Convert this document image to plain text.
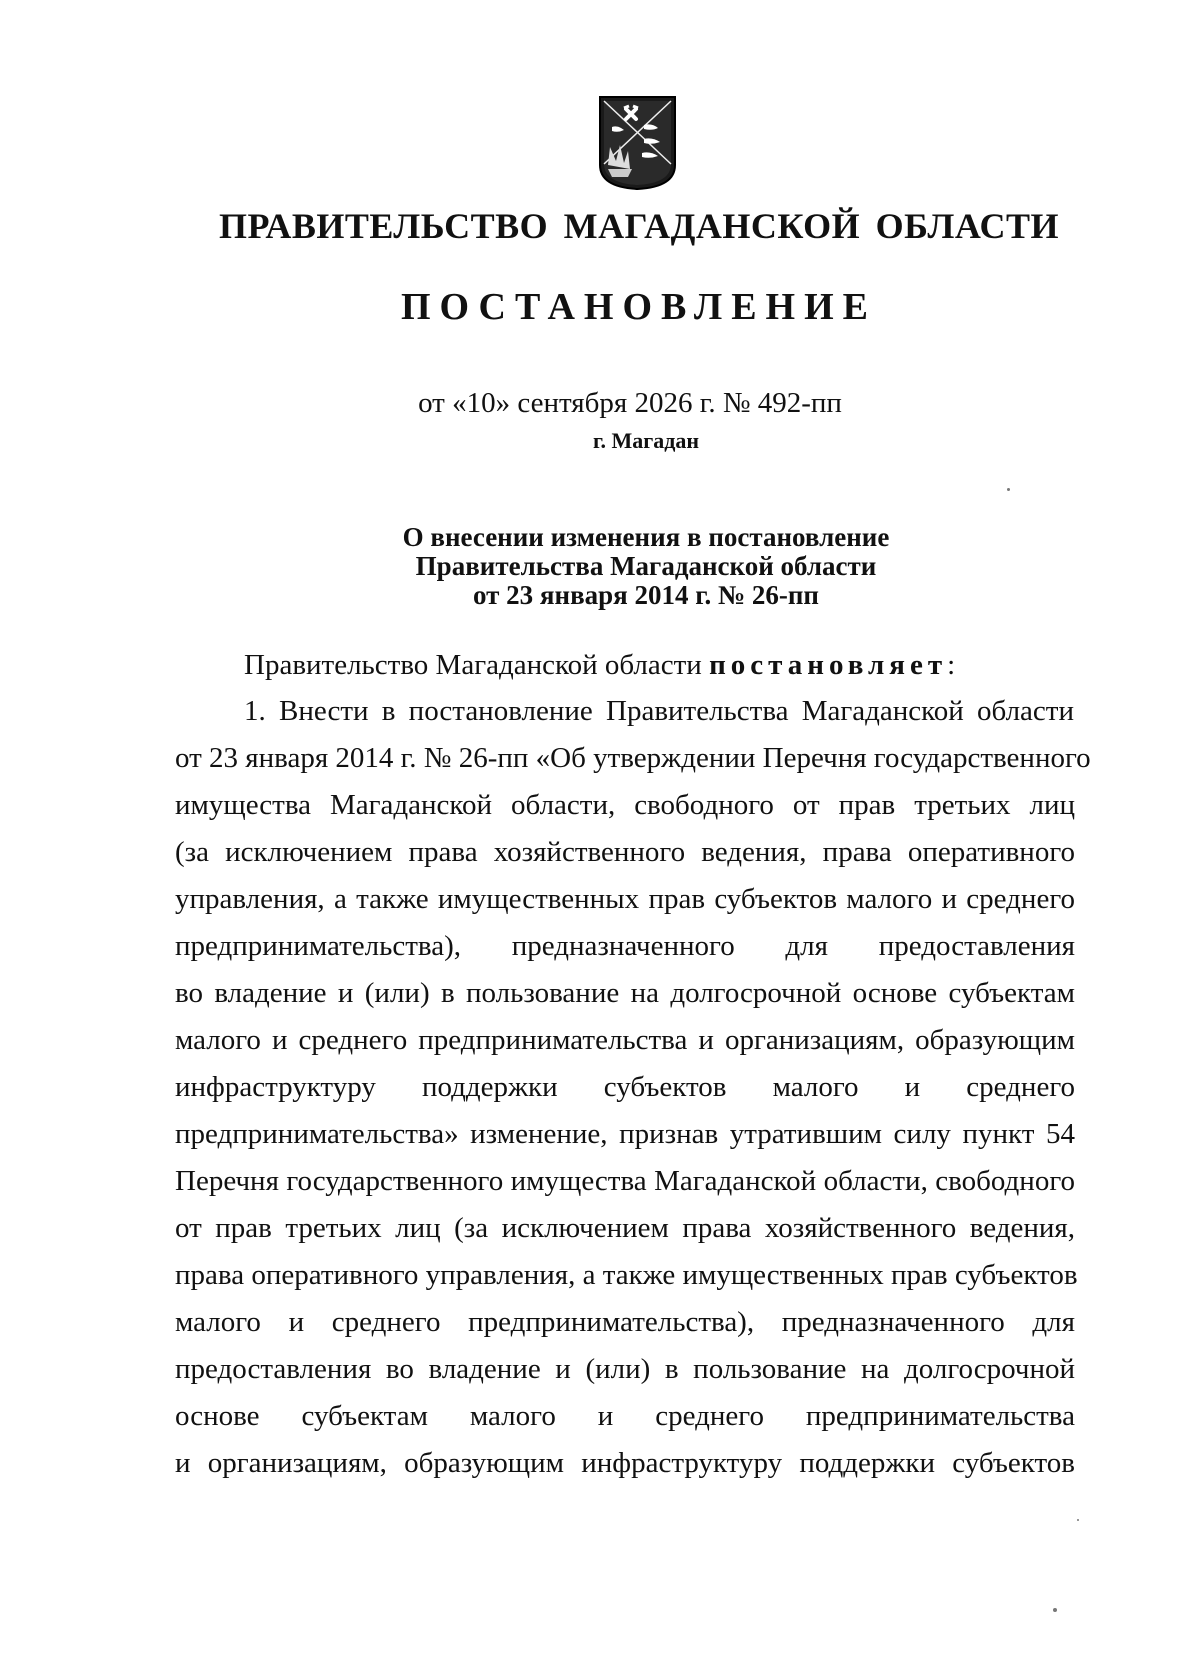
ПРАВИТЕЛЬСТВО МАГАДАНСКОЙ ОБЛАСТИ
ПОСТАНОВЛЕНИЕ
от «10» сентября 2026 г. № 492-пп
г. Магадан
О внесении изменения в постановление
Правительства Магаданской области
от 23 января 2014 г. № 26-пп
Правительство Магаданской области постановляет:
1. Внести в постановление Правительства Магаданской области
от 23 января 2014 г. № 26-пп «Об утверждении Перечня государственного
имущества Магаданской области, свободного от прав третьих лиц
(за исключением права хозяйственного ведения, права оперативного
управления, а также имущественных прав субъектов малого и среднего
предпринимательства), предназначенного для предоставления
во владение и (или) в пользование на долгосрочной основе субъектам
малого и среднего предпринимательства и организациям, образующим
инфраструктуру поддержки субъектов малого и среднего
предпринимательства» изменение, признав утратившим силу пункт 54
Перечня государственного имущества Магаданской области, свободного
от прав третьих лиц (за исключением права хозяйственного ведения,
права оперативного управления, а также имущественных прав субъектов
малого и среднего предпринимательства), предназначенного для
предоставления во владение и (или) в пользование на долгосрочной
основе субъектам малого и среднего предпринимательства
и организациям, образующим инфраструктуру поддержки субъектов
